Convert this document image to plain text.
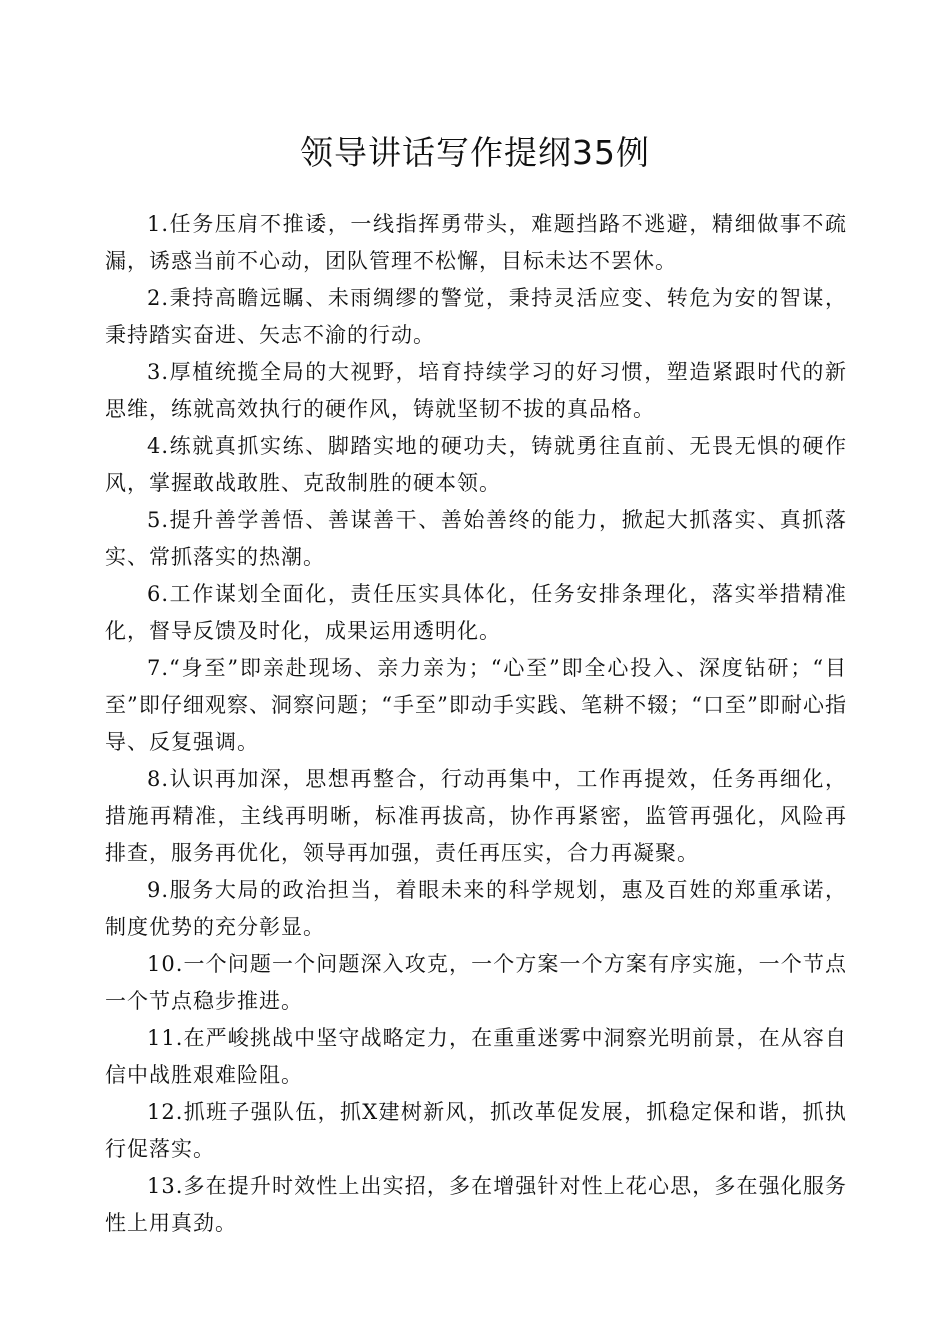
领导讲话写作提纲35例

1.任务压肩不推诿，一线指挥勇带头，难题挡路不逃避，精细做事不疏漏，诱惑当前不心动，团队管理不松懈，目标未达不罢休。

2.秉持高瞻远瞩、未雨绸缪的警觉，秉持灵活应变、转危为安的智谋，秉持踏实奋进、矢志不渝的行动。

3.厚植统揽全局的大视野，培育持续学习的好习惯，塑造紧跟时代的新思维，练就高效执行的硬作风，铸就坚韧不拔的真品格。

4.练就真抓实练、脚踏实地的硬功夫，铸就勇往直前、无畏无惧的硬作风，掌握敢战敢胜、克敌制胜的硬本领。

5.提升善学善悟、善谋善干、善始善终的能力，掀起大抓落实、真抓落实、常抓落实的热潮。

6.工作谋划全面化，责任压实具体化，任务安排条理化，落实举措精准化，督导反馈及时化，成果运用透明化。

7.“身至”即亲赴现场、亲力亲为；“心至”即全心投入、深度钻研；“目至”即仔细观察、洞察问题；“手至”即动手实践、笔耕不辍；“口至”即耐心指导、反复强调。

8.认识再加深，思想再整合，行动再集中，工作再提效，任务再细化，措施再精准，主线再明晰，标准再拔高，协作再紧密，监管再强化，风险再排查，服务再优化，领导再加强，责任再压实，合力再凝聚。

9.服务大局的政治担当，着眼未来的科学规划，惠及百姓的郑重承诺，制度优势的充分彰显。

10.一个问题一个问题深入攻克，一个方案一个方案有序实施，一个节点一个节点稳步推进。

11.在严峻挑战中坚守战略定力，在重重迷雾中洞察光明前景，在从容自信中战胜艰难险阻。

12.抓班子强队伍，抓X建树新风，抓改革促发展，抓稳定保和谐，抓执行促落实。

13.多在提升时效性上出实招，多在增强针对性上花心思，多在强化服务性上用真劲。
